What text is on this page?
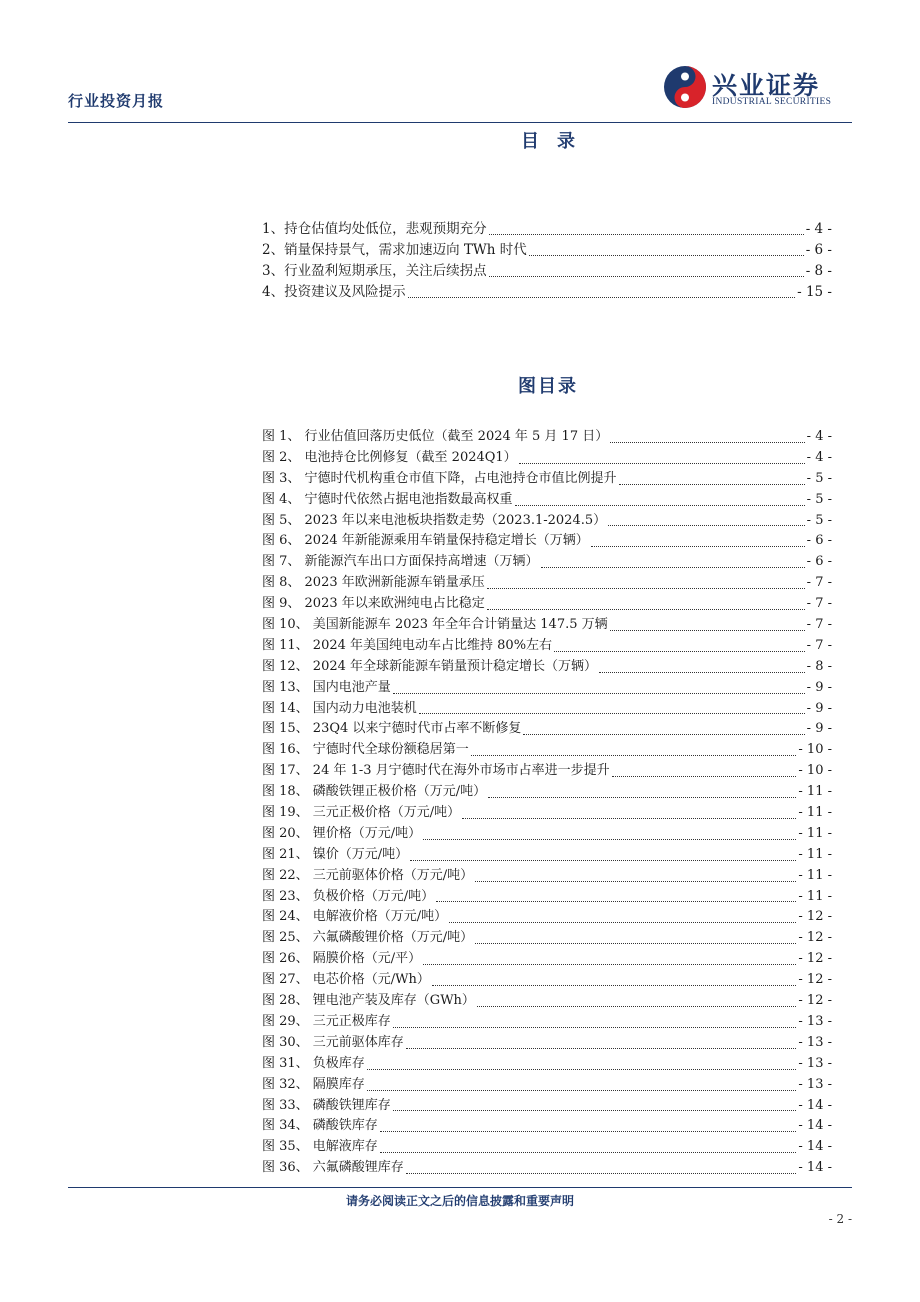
行业投资月报
兴业证券
INDUSTRIAL SECURITIES
目录
1、持仓估值均处低位，悲观预期充分	- 4 -
2、销量保持景气，需求加速迈向 TWh 时代	- 6 -
3、行业盈利短期承压，关注后续拐点	- 8 -
4、投资建议及风险提示	- 15 -
图目录
图 1、 行业估值回落历史低位（截至 2024 年 5 月 17 日）	- 4 -
图 2、 电池持仓比例修复（截至 2024Q1）	- 4 -
图 3、 宁德时代机构重仓市值下降，占电池持仓市值比例提升	- 5 -
图 4、 宁德时代依然占据电池指数最高权重	- 5 -
图 5、 2023 年以来电池板块指数走势（2023.1-2024.5）	- 5 -
图 6、 2024 年新能源乘用车销量保持稳定增长（万辆）	- 6 -
图 7、 新能源汽车出口方面保持高增速（万辆）	- 6 -
图 8、 2023 年欧洲新能源车销量承压	- 7 -
图 9、 2023 年以来欧洲纯电占比稳定	- 7 -
图 10、 美国新能源车 2023 年全年合计销量达 147.5 万辆	- 7 -
图 11、 2024 年美国纯电动车占比维持 80%左右	- 7 -
图 12、 2024 年全球新能源车销量预计稳定增长（万辆）	- 8 -
图 13、 国内电池产量	- 9 -
图 14、 国内动力电池装机	- 9 -
图 15、 23Q4 以来宁德时代市占率不断修复	- 9 -
图 16、 宁德时代全球份额稳居第一	- 10 -
图 17、 24 年 1-3 月宁德时代在海外市场市占率进一步提升	- 10 -
图 18、 磷酸铁锂正极价格（万元/吨）	- 11 -
图 19、 三元正极价格（万元/吨）	- 11 -
图 20、 锂价格（万元/吨）	- 11 -
图 21、 镍价（万元/吨）	- 11 -
图 22、 三元前驱体价格（万元/吨）	- 11 -
图 23、 负极价格（万元/吨）	- 11 -
图 24、 电解液价格（万元/吨）	- 12 -
图 25、 六氟磷酸锂价格（万元/吨）	- 12 -
图 26、 隔膜价格（元/平）	- 12 -
图 27、 电芯价格（元/Wh）	- 12 -
图 28、 锂电池产装及库存（GWh）	- 12 -
图 29、 三元正极库存	- 13 -
图 30、 三元前驱体库存	- 13 -
图 31、 负极库存	- 13 -
图 32、 隔膜库存	- 13 -
图 33、 磷酸铁锂库存	- 14 -
图 34、 磷酸铁库存	- 14 -
图 35、 电解液库存	- 14 -
图 36、 六氟磷酸锂库存	- 14 -
请务必阅读正文之后的信息披露和重要声明
- 2 -
